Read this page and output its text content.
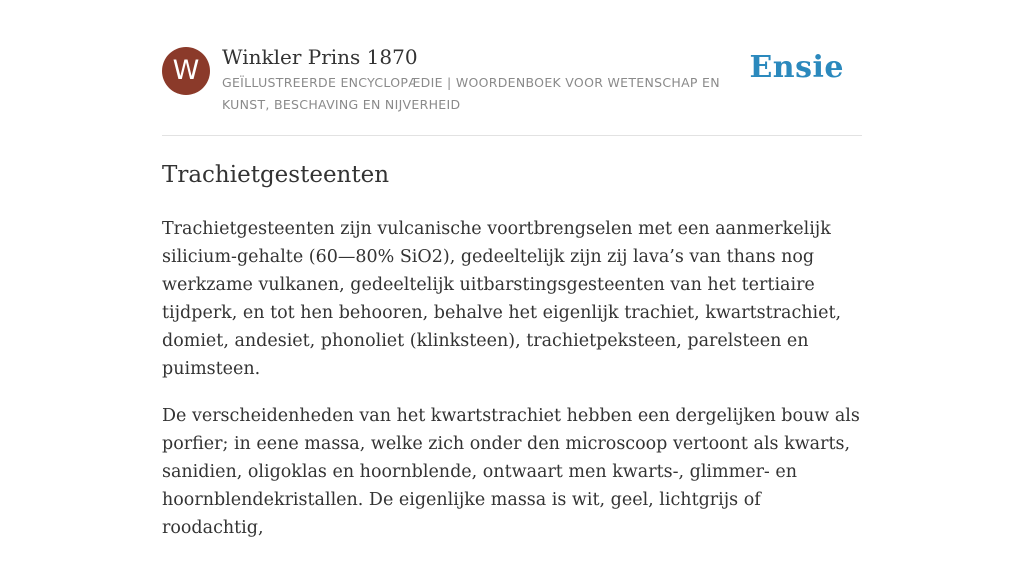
W	Winkler Prins 1870
GEÏLLUSTREERDE ENCYCLOPÆDIE | WOORDENBOEK VOOR WETENSCHAP EN KUNST, BESCHAVING EN NIJVERHEID
Ensie
Trachietgesteenten

Trachietgesteenten zijn vulcanische voortbrengselen met een aanmerkelijk silicium-gehalte (60—80% SiO2), gedeeltelijk zijn zij lava’s van thans nog werkzame vulkanen, gedeeltelijk uitbarstingsgesteenten van het tertiaire tijdperk, en tot hen behooren, behalve het eigenlijk trachiet, kwartstrachiet, domiet, andesiet, phonoliet (klinksteen), trachietpeksteen, parelsteen en puimsteen.

De verscheidenheden van het kwartstrachiet hebben een dergelijken bouw als porfier; in eene massa, welke zich onder den microscoop vertoont als kwarts, sanidien, oligoklas en hoornblende, ontwaart men kwarts-, glimmer- en hoornblendekristallen. De eigenlijke massa is wit, geel, lichtgrijs of roodachtig,
